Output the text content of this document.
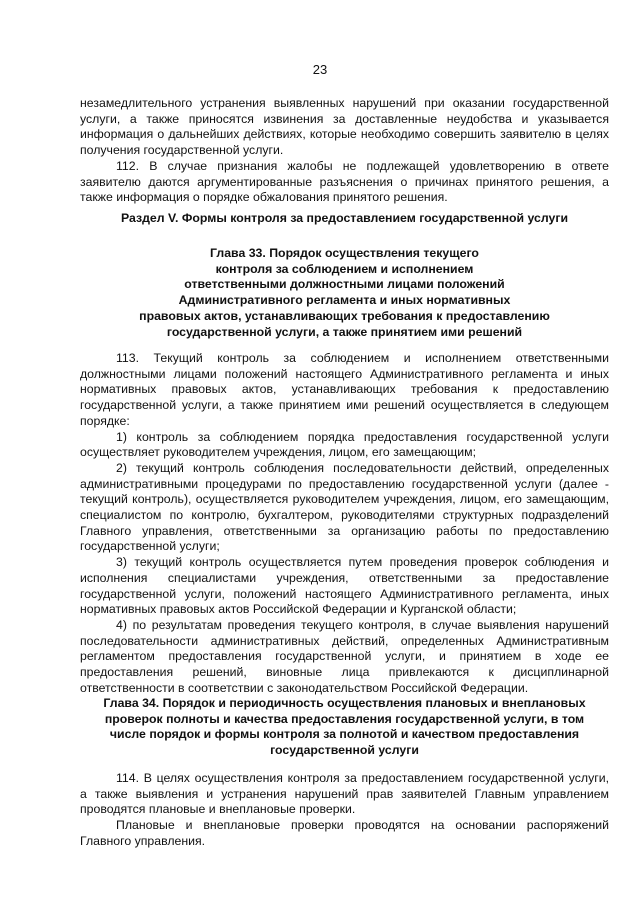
23

незамедлительного устранения выявленных нарушений при оказании государственной услуги, а также приносятся извинения за доставленные неудобства и указывается информация о дальнейших действиях, которые необходимо совершить заявителю в целях получения государственной услуги.

112. В случае признания жалобы не подлежащей удовлетворению в ответе заявителю даются аргументированные разъяснения о причинах принятого решения, а также информация о порядке обжалования принятого решения.

Раздел V. Формы контроля за предоставлением государственной услуги
Глава 33. Порядок осуществления текущего
контроля за соблюдением и исполнением
ответственными должностными лицами положений
Административного регламента и иных нормативных
правовых актов, устанавливающих требования к предоставлению
государственной услуги, а также принятием ими решений

113. Текущий контроль за соблюдением и исполнением ответственными должностными лицами положений настоящего Административного регламента и иных нормативных правовых актов, устанавливающих требования к предоставлению государственной услуги, а также принятием ими решений осуществляется в следующем порядке:

1) контроль за соблюдением порядка предоставления государственной услуги осуществляет руководителем учреждения, лицом, его замещающим;

2) текущий контроль соблюдения последовательности действий, определенных административными процедурами по предоставлению государственной услуги (далее - текущий контроль), осуществляется руководителем учреждения, лицом, его замещающим, специалистом по контролю, бухгалтером, руководителями структурных подразделений Главного управления, ответственными за организацию работы по предоставлению государственной услуги;

3) текущий контроль осуществляется путем проведения проверок соблюдения и исполнения специалистами учреждения, ответственными за предоставление государственной услуги, положений настоящего Административного регламента, иных нормативных правовых актов Российской Федерации и Курганской области;

4) по результатам проведения текущего контроля, в случае выявления нарушений последовательности административных действий, определенных Административным регламентом предоставления государственной услуги, и принятием в ходе ее предоставления решений, виновные лица привлекаются к дисциплинарной ответственности в соответствии с законодательством Российской Федерации.

Глава 34. Порядок и периодичность осуществления плановых и внеплановых
проверок полноты и качества предоставления государственной услуги, в том
числе порядок и формы контроля за полнотой и качеством предоставления
государственной услуги

114. В целях осуществления контроля за предоставлением государственной услуги, а также выявления и устранения нарушений прав заявителей Главным управлением проводятся плановые и внеплановые проверки.

Плановые и внеплановые проверки проводятся на основании распоряжений Главного управления.
